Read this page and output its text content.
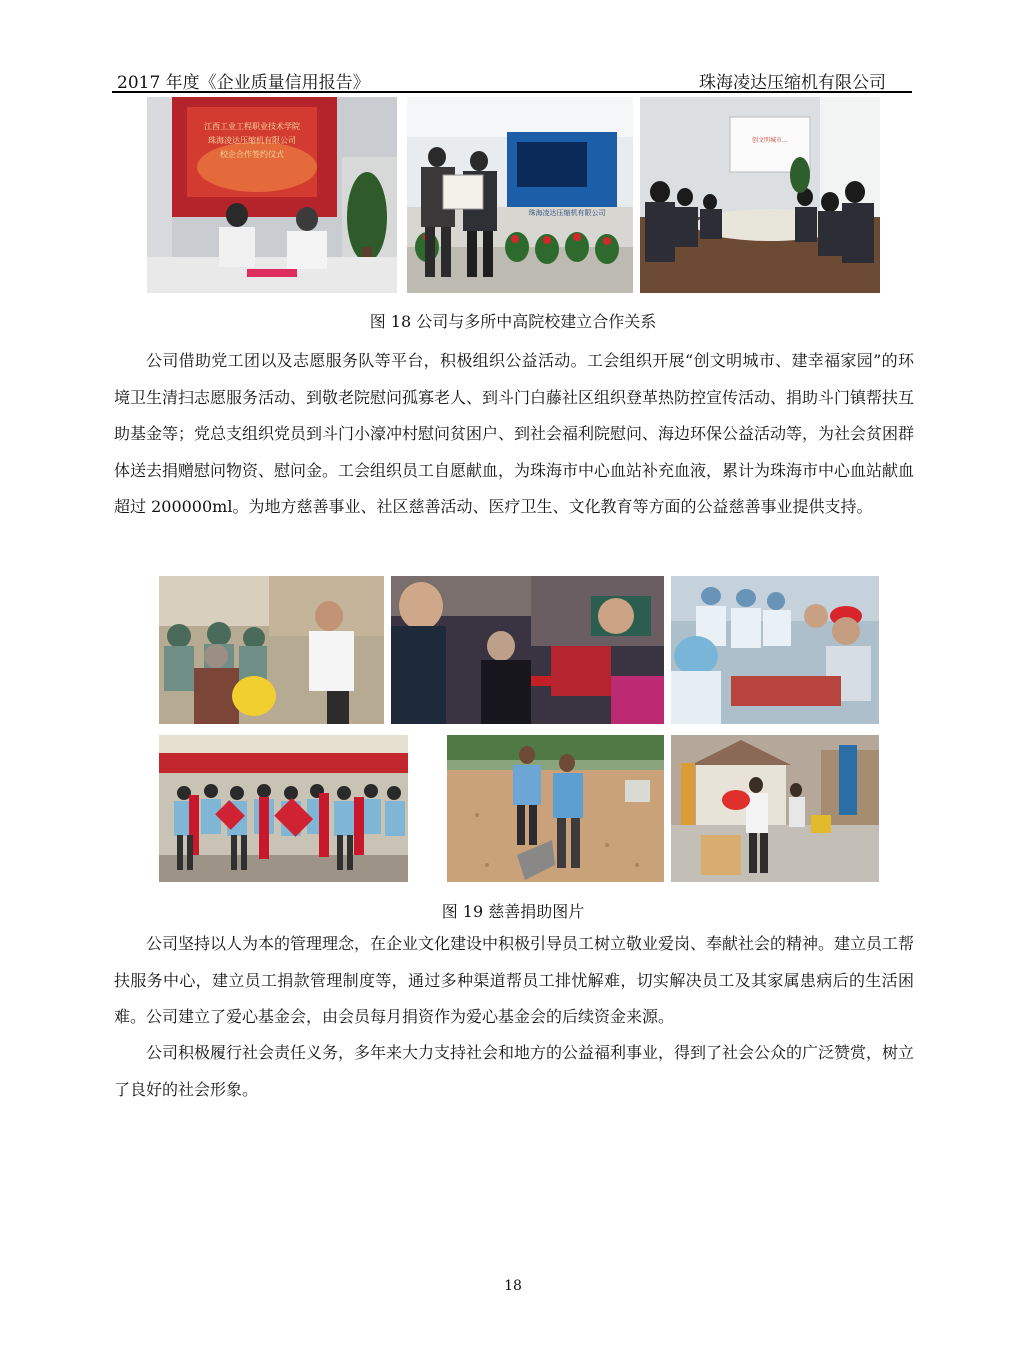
2017 年度《企业质量信用报告》	珠海凌达压缩机有限公司
江西工业工程职业技术学院
珠海凌达压缩机有限公司
校企合作签约仪式
珠海凌达压缩机有限公司
创文明城市…
图 18 公司与多所中高院校建立合作关系

公司借助党工团以及志愿服务队等平台，积极组织公益活动。工会组织开展“创文明城市、建幸福家园”的环境卫生清扫志愿服务活动、到敬老院慰问孤寡老人、到斗门白藤社区组织登革热防控宣传活动、捐助斗门镇帮扶互助基金等；党总支组织党员到斗门小濠冲村慰问贫困户、到社会福利院慰问、海边环保公益活动等，为社会贫困群体送去捐赠慰问物资、慰问金。工会组织员工自愿献血，为珠海市中心血站补充血液，累计为珠海市中心血站献血超过 200000ml。为地方慈善事业、社区慈善活动、医疗卫生、文化教育等方面的公益慈善事业提供支持。

图 19 慈善捐助图片

公司坚持以人为本的管理理念，在企业文化建设中积极引导员工树立敬业爱岗、奉献社会的精神。建立员工帮扶服务中心，建立员工捐款管理制度等，通过多种渠道帮员工排忧解难，切实解决员工及其家属患病后的生活困难。公司建立了爱心基金会，由会员每月捐资作为爱心基金会的后续资金来源。

公司积极履行社会责任义务，多年来大力支持社会和地方的公益福利事业，得到了社会公众的广泛赞赏，树立了良好的社会形象。

18
